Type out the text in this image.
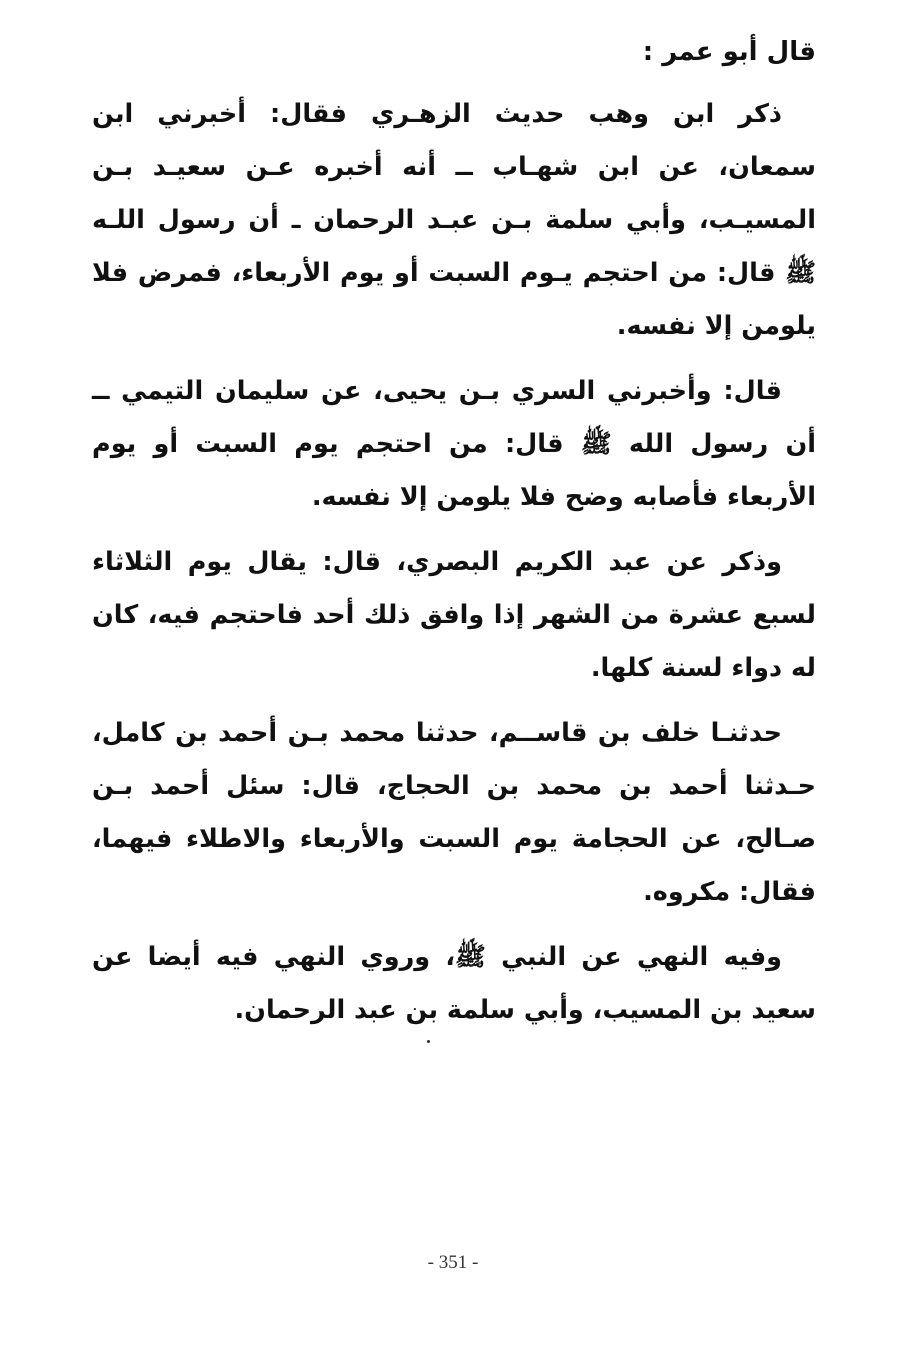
قال أبو عمر :

ذكر ابن وهب حديث الزهـري فقال: أخبرني ابن سمعان، عن ابن شهـاب ــ أنه أخبره عـن سعيـد بـن المسيـب، وأبي سلمة بـن عبـد الرحمان ـ أن رسول اللـه ﷺ قال: من احتجم يـوم السبت أو يوم الأربعاء، فمرض فلا يلومن إلا نفسه.

قال: وأخبرني السري بـن يحيى، عن سليمان التيمي ــ أن رسول الله ﷺ قال: من احتجم يوم السبت أو يوم الأربعاء فأصابه وضح فلا يلومن إلا نفسه.

وذكر عن عبد الكريم البصري، قال: يقال يوم الثلاثاء لسبع عشرة من الشهر إذا وافق ذلك أحد فاحتجم فيه، كان له دواء لسنة كلها.

حدثنـا خلف بن قاســم، حدثنا محمد بـن أحمد بن كامل، حـدثنا أحمد بن محمد بن الحجاج، قال: سئل أحمد بـن صـالح، عن الحجامة يوم السبت والأربعاء والاطلاء فيهما، فقال: مكروه.

وفيه النهي عن النبي ﷺ، وروي النهي فيه أيضا عن سعيد بن المسيب، وأبي سلمة بن عبد الرحمان.

- 351 -
